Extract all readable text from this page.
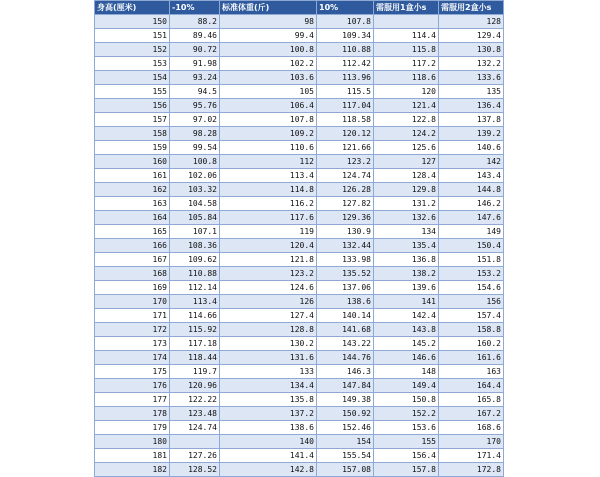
身高(厘米)	-10%	标准体重(斤)	10%	需服用1盒小s	需服用2盒小s
150	88.2	98	107.8		128
151	89.46	99.4	109.34	114.4	129.4
152	90.72	100.8	110.88	115.8	130.8
153	91.98	102.2	112.42	117.2	132.2
154	93.24	103.6	113.96	118.6	133.6
155	94.5	105	115.5	120	135
156	95.76	106.4	117.04	121.4	136.4
157	97.02	107.8	118.58	122.8	137.8
158	98.28	109.2	120.12	124.2	139.2
159	99.54	110.6	121.66	125.6	140.6
160	100.8	112	123.2	127	142
161	102.06	113.4	124.74	128.4	143.4
162	103.32	114.8	126.28	129.8	144.8
163	104.58	116.2	127.82	131.2	146.2
164	105.84	117.6	129.36	132.6	147.6
165	107.1	119	130.9	134	149
166	108.36	120.4	132.44	135.4	150.4
167	109.62	121.8	133.98	136.8	151.8
168	110.88	123.2	135.52	138.2	153.2
169	112.14	124.6	137.06	139.6	154.6
170	113.4	126	138.6	141	156
171	114.66	127.4	140.14	142.4	157.4
172	115.92	128.8	141.68	143.8	158.8
173	117.18	130.2	143.22	145.2	160.2
174	118.44	131.6	144.76	146.6	161.6
175	119.7	133	146.3	148	163
176	120.96	134.4	147.84	149.4	164.4
177	122.22	135.8	149.38	150.8	165.8
178	123.48	137.2	150.92	152.2	167.2
179	124.74	138.6	152.46	153.6	168.6
180		140	154	155	170
181	127.26	141.4	155.54	156.4	171.4
182	128.52	142.8	157.08	157.8	172.8
